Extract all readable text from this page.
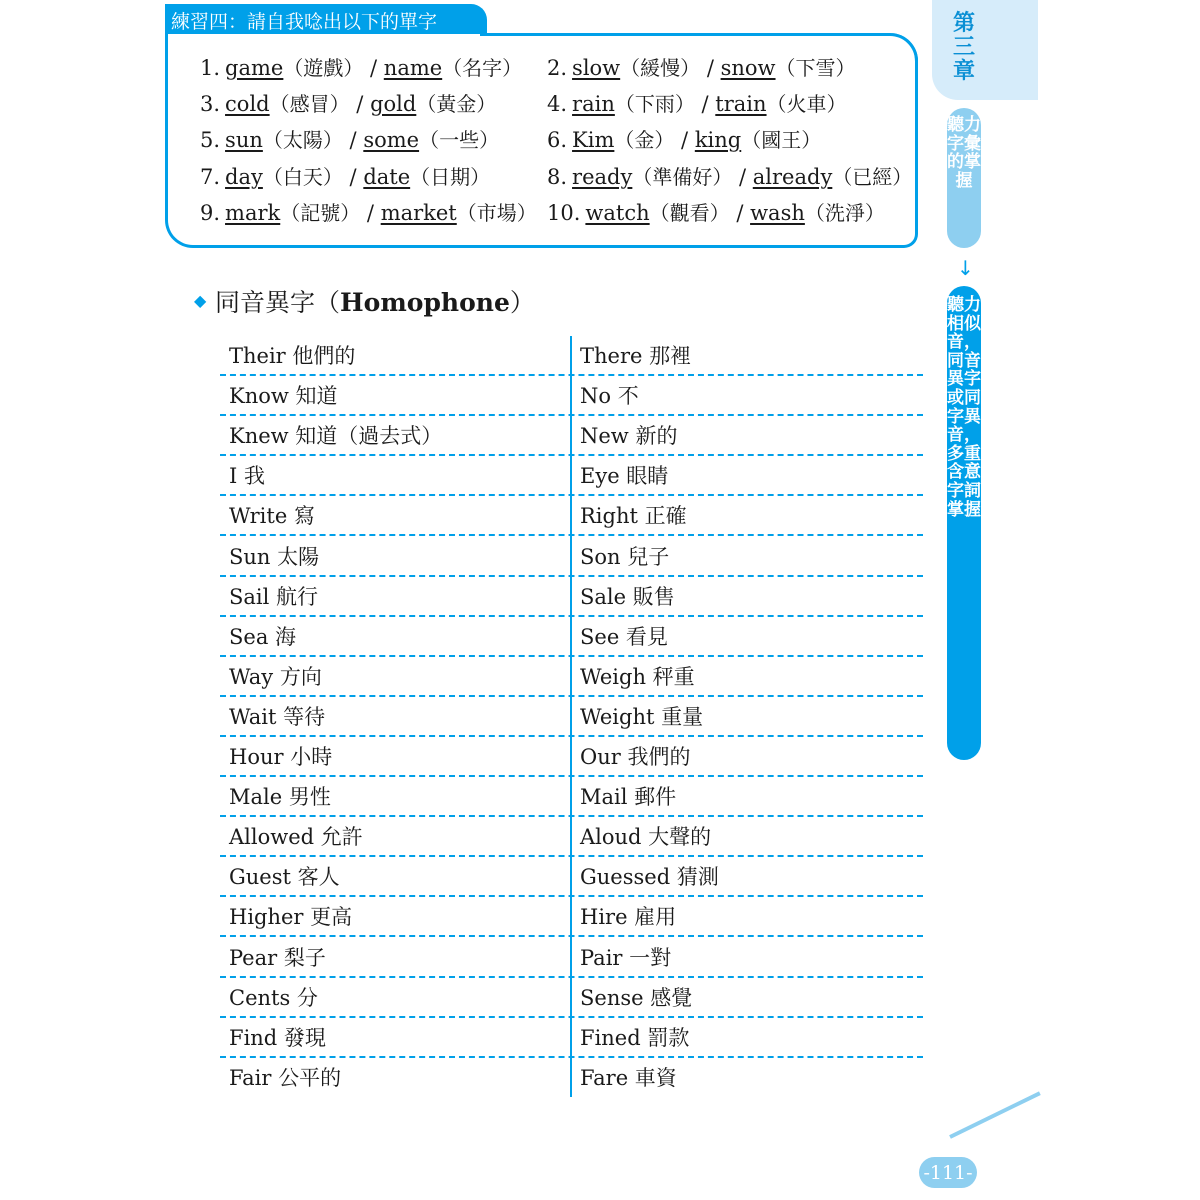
第三章
聽力字彙的掌握
↓
聽力相似音，同音異字或同字異音，多重含意字詞掌握
練習四：請自我唸出以下的單字
1. game（遊戲） / name（名字） 2. slow（緩慢） / snow（下雪）
3. cold（感冒） / gold（黃金） 4. rain（下雨） / train（火車）
5. sun（太陽） / some（一些） 6. Kim（金） / king（國王）
7. day（白天） / date（日期）	8. ready（準備好） / already（已經）
9. mark（記號） / market（市場） 10. watch（觀看） / wash（洗淨）
◆ 同音異字（Homophone）
Their 他們的	There 那裡
Know 知道	No 不
Knew 知道（過去式）	New 新的
I 我	Eye 眼睛
Write 寫	Right 正確
Sun 太陽	Son 兒子
Sail 航行	Sale 販售
Sea 海	See 看見
Way 方向	Weigh 秤重
Wait 等待	Weight 重量
Hour 小時	Our 我們的
Male 男性	Mail 郵件
Allowed 允許	Aloud 大聲的
Guest 客人	Guessed 猜測
Higher 更高	Hire 雇用
Pear 梨子	Pair 一對
Cents 分	Sense 感覺
Find 發現	Fined 罰款
Fair 公平的	Fare 車資
-111-
